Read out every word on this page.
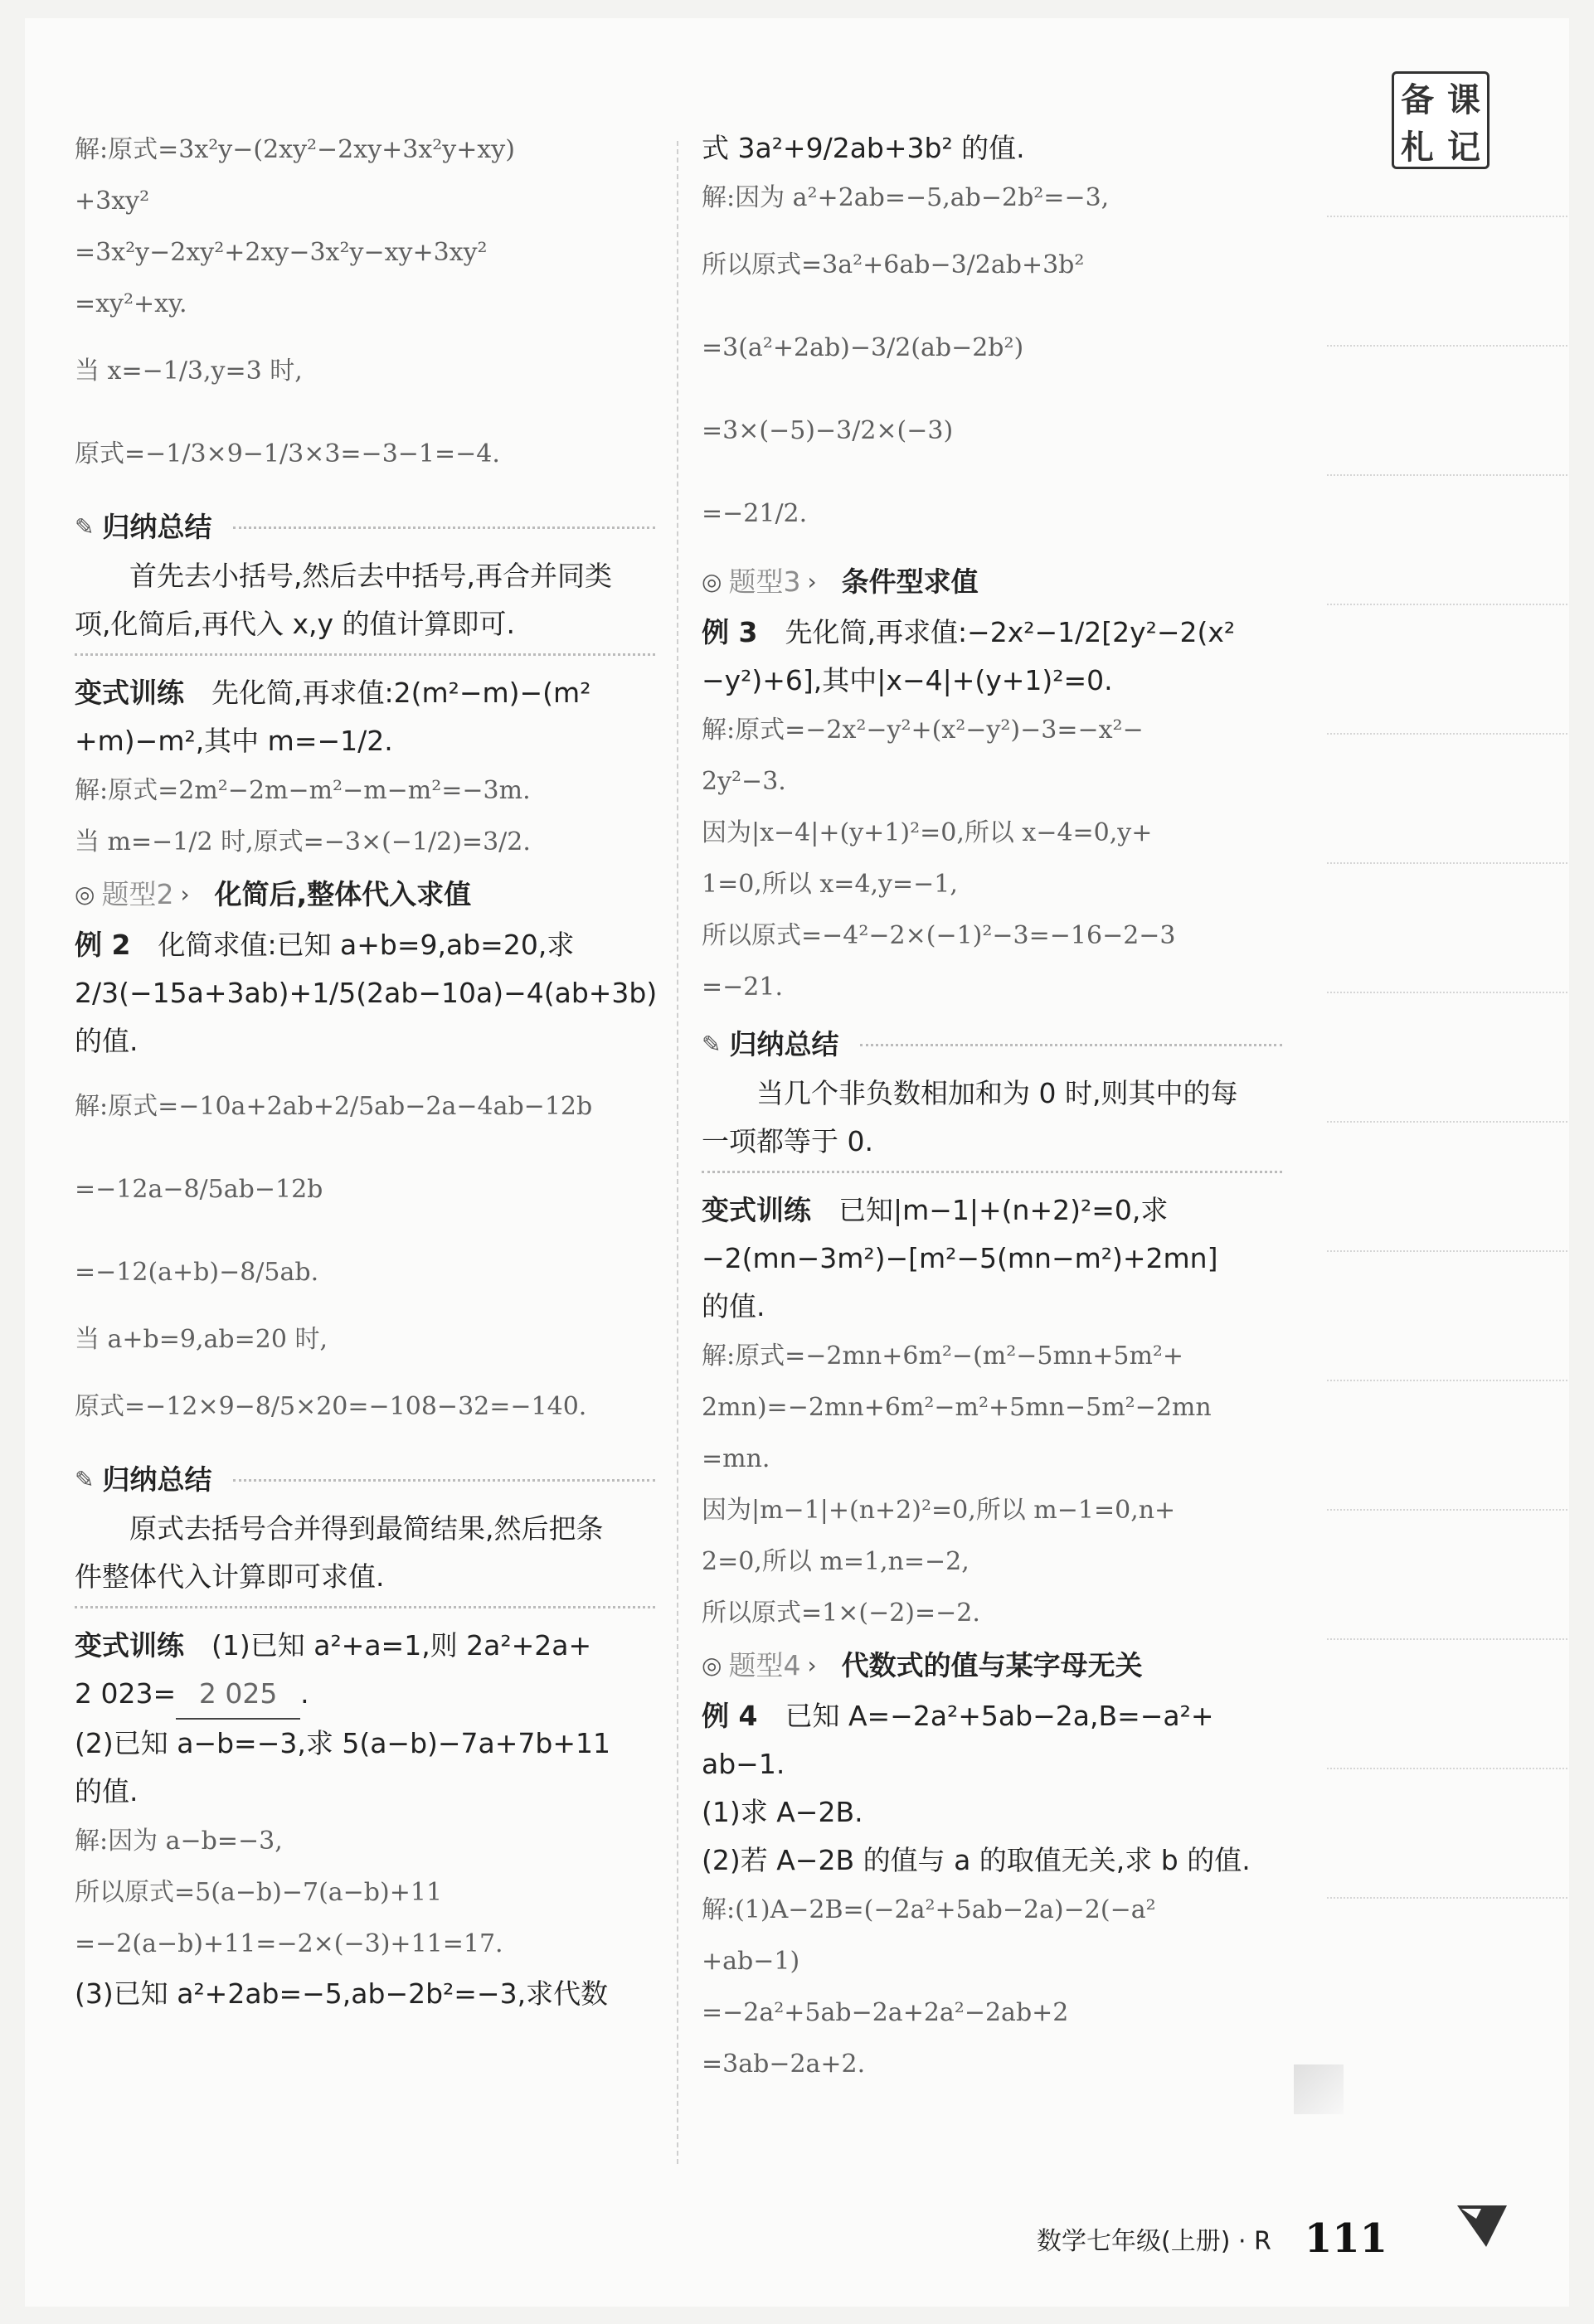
备 课
札 记
解:原式=3x²y−(2xy²−2xy+3x²y+xy)
+3xy²
=3x²y−2xy²+2xy−3x²y−xy+3xy²
=xy²+xy.
当 x=−1/3,y=3 时,
原式=−1/3×9−1/3×3=−3−1=−4.
✎ 归纳总结
首先去小括号,然后去中括号,再合并同类
项,化简后,再代入 x,y 的值计算即可.
变式训练　先化简,再求值:2(m²−m)−(m²
+m)−m²,其中 m=−1/2.
解:原式=2m²−2m−m²−m−m²=−3m.
当 m=−1/2 时,原式=−3×(−1/2)=3/2.
◎ 题型2 › 化简后,整体代入求值
例 2　化简求值:已知 a+b=9,ab=20,求
2/3(−15a+3ab)+1/5(2ab−10a)−4(ab+3b)
的值.
解:原式=−10a+2ab+2/5ab−2a−4ab−12b
=−12a−8/5ab−12b
=−12(a+b)−8/5ab.
当 a+b=9,ab=20 时,
原式=−12×9−8/5×20=−108−32=−140.
✎ 归纳总结
原式去括号合并得到最简结果,然后把条
件整体代入计算即可求值.
变式训练　(1)已知 a²+a=1,则 2a²+2a+
2 023= 2 025 .
(2)已知 a−b=−3,求 5(a−b)−7a+7b+11
的值.
解:因为 a−b=−3,
所以原式=5(a−b)−7(a−b)+11
=−2(a−b)+11=−2×(−3)+11=17.
(3)已知 a²+2ab=−5,ab−2b²=−3,求代数
式 3a²+9/2ab+3b² 的值.
解:因为 a²+2ab=−5,ab−2b²=−3,
所以原式=3a²+6ab−3/2ab+3b²
=3(a²+2ab)−3/2(ab−2b²)
=3×(−5)−3/2×(−3)
=−21/2.
◎ 题型3 › 条件型求值
例 3　先化简,再求值:−2x²−1/2[2y²−2(x²
−y²)+6],其中|x−4|+(y+1)²=0.
解:原式=−2x²−y²+(x²−y²)−3=−x²−
2y²−3.
因为|x−4|+(y+1)²=0,所以 x−4=0,y+
1=0,所以 x=4,y=−1,
所以原式=−4²−2×(−1)²−3=−16−2−3
=−21.
✎ 归纳总结
当几个非负数相加和为 0 时,则其中的每
一项都等于 0.
变式训练　已知|m−1|+(n+2)²=0,求
−2(mn−3m²)−[m²−5(mn−m²)+2mn]
的值.
解:原式=−2mn+6m²−(m²−5mn+5m²+
2mn)=−2mn+6m²−m²+5mn−5m²−2mn
=mn.
因为|m−1|+(n+2)²=0,所以 m−1=0,n+
2=0,所以 m=1,n=−2,
所以原式=1×(−2)=−2.
◎ 题型4 › 代数式的值与某字母无关
例 4　已知 A=−2a²+5ab−2a,B=−a²+
ab−1.
(1)求 A−2B.
(2)若 A−2B 的值与 a 的取值无关,求 b 的值.
解:(1)A−2B=(−2a²+5ab−2a)−2(−a²
+ab−1)
=−2a²+5ab−2a+2a²−2ab+2
=3ab−2a+2.
数学七年级(上册) · R 111
